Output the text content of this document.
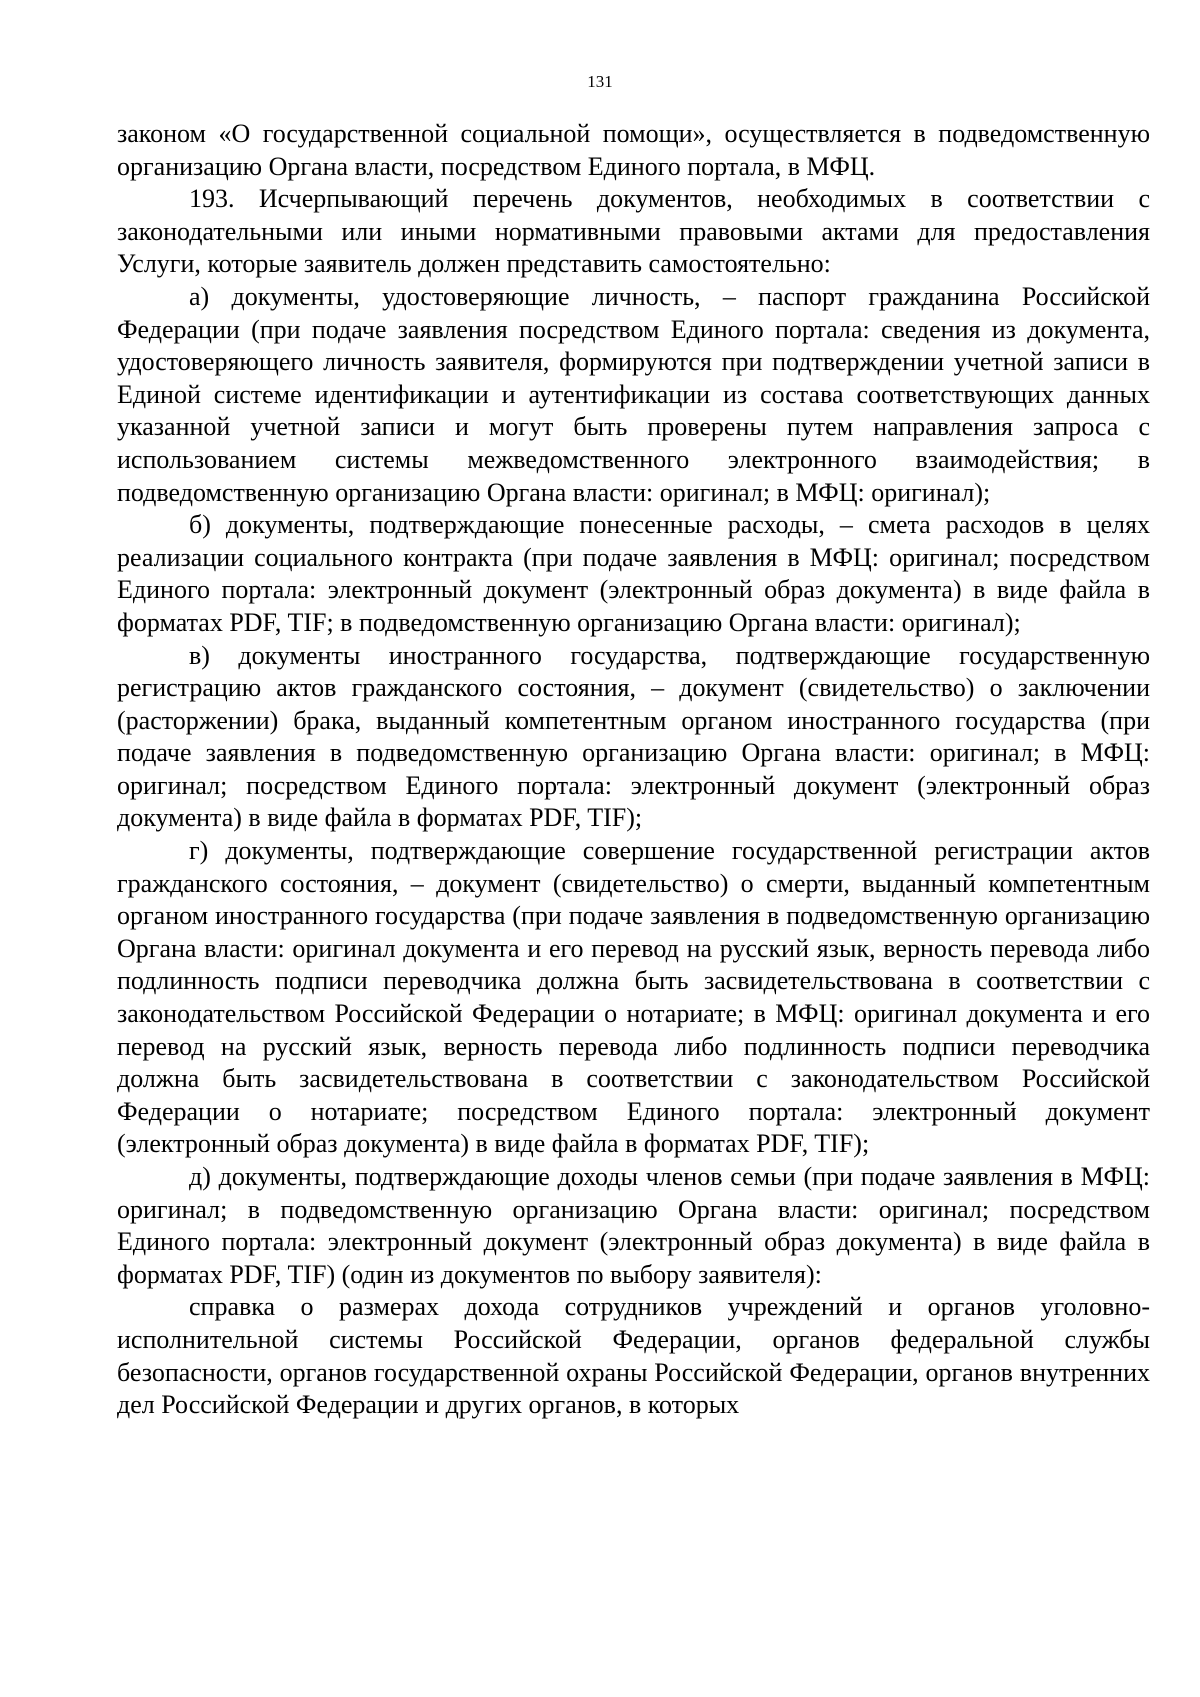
131

законом «О государственной социальной помощи», осуществляется в подведомственную организацию Органа власти, посредством Единого портала, в МФЦ.

193. Исчерпывающий перечень документов, необходимых в соответствии с законодательными или иными нормативными правовыми актами для предоставления Услуги, которые заявитель должен представить самостоятельно:

а) документы, удостоверяющие личность, – паспорт гражданина Российской Федерации (при подаче заявления посредством Единого портала: сведения из документа, удостоверяющего личность заявителя, формируются при подтверждении учетной записи в Единой системе идентификации и аутентификации из состава соответствующих данных указанной учетной записи и могут быть проверены путем направления запроса с использованием системы межведомственного электронного взаимодействия; в подведомственную организацию Органа власти: оригинал; в МФЦ: оригинал);

б) документы, подтверждающие понесенные расходы, – смета расходов в целях реализации социального контракта (при подаче заявления в МФЦ: оригинал; посредством Единого портала: электронный документ (электронный образ документа) в виде файла в форматах PDF, TIF; в подведомственную организацию Органа власти: оригинал);

в) документы иностранного государства, подтверждающие государственную регистрацию актов гражданского состояния, – документ (свидетельство) о заключении (расторжении) брака, выданный компетентным органом иностранного государства (при подаче заявления в подведомственную организацию Органа власти: оригинал; в МФЦ: оригинал; посредством Единого портала: электронный документ (электронный образ документа) в виде файла в форматах PDF, TIF);

г) документы, подтверждающие совершение государственной регистрации актов гражданского состояния, – документ (свидетельство) о смерти, выданный компетентным органом иностранного государства (при подаче заявления в подведомственную организацию Органа власти: оригинал документа и его перевод на русский язык, верность перевода либо подлинность подписи переводчика должна быть засвидетельствована в соответствии с законодательством Российской Федерации о нотариате; в МФЦ: оригинал документа и его перевод на русский язык, верность перевода либо подлинность подписи переводчика должна быть засвидетельствована в соответствии с законодательством Российской Федерации о нотариате; посредством Единого портала: электронный документ (электронный образ документа) в виде файла в форматах PDF, TIF);

д) документы, подтверждающие доходы членов семьи (при подаче заявления в МФЦ: оригинал; в подведомственную организацию Органа власти: оригинал; посредством Единого портала: электронный документ (электронный образ документа) в виде файла в форматах PDF, TIF) (один из документов по выбору заявителя):

справка о размерах дохода сотрудников учреждений и органов уголовно-исполнительной системы Российской Федерации, органов федеральной службы безопасности, органов государственной охраны Российской Федерации, органов внутренних дел Российской Федерации и других органов, в которых
